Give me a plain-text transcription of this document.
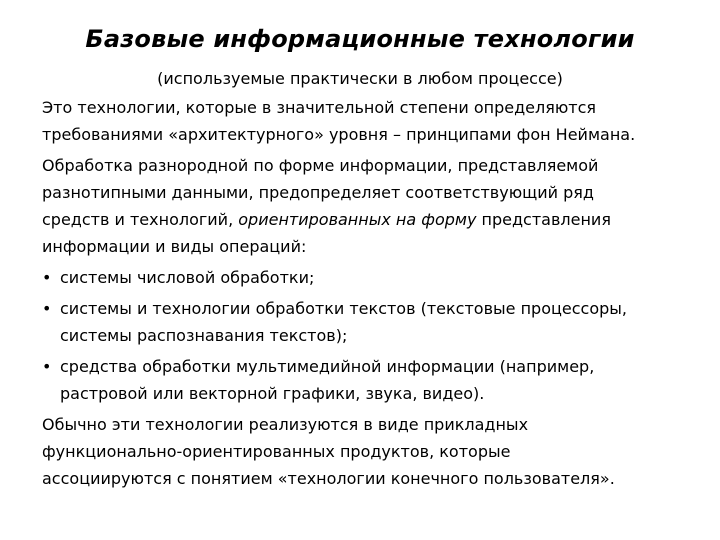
Базовые информационные технологии
(используемые практически в любом процессе)

Это технологии, которые в значительной степени определяются
требованиями «архитектурного» уровня – принципами фон Неймана.

Обработка разнородной по форме информации, представляемой
разнотипными данными, предопределяет соответствующий ряд
средств и технологий, ориентированных на форму представления
информации и виды операций:

• системы числовой обработки;
• системы и технологии обработки текстов (текстовые процессоры,
системы распознавания текстов);
• средства обработки мультимедийной информации (например,
растровой или векторной графики, звука, видео).

Обычно эти технологии реализуются в виде прикладных
функционально-ориентированных продуктов, которые
ассоциируются с понятием «технологии конечного пользователя».
